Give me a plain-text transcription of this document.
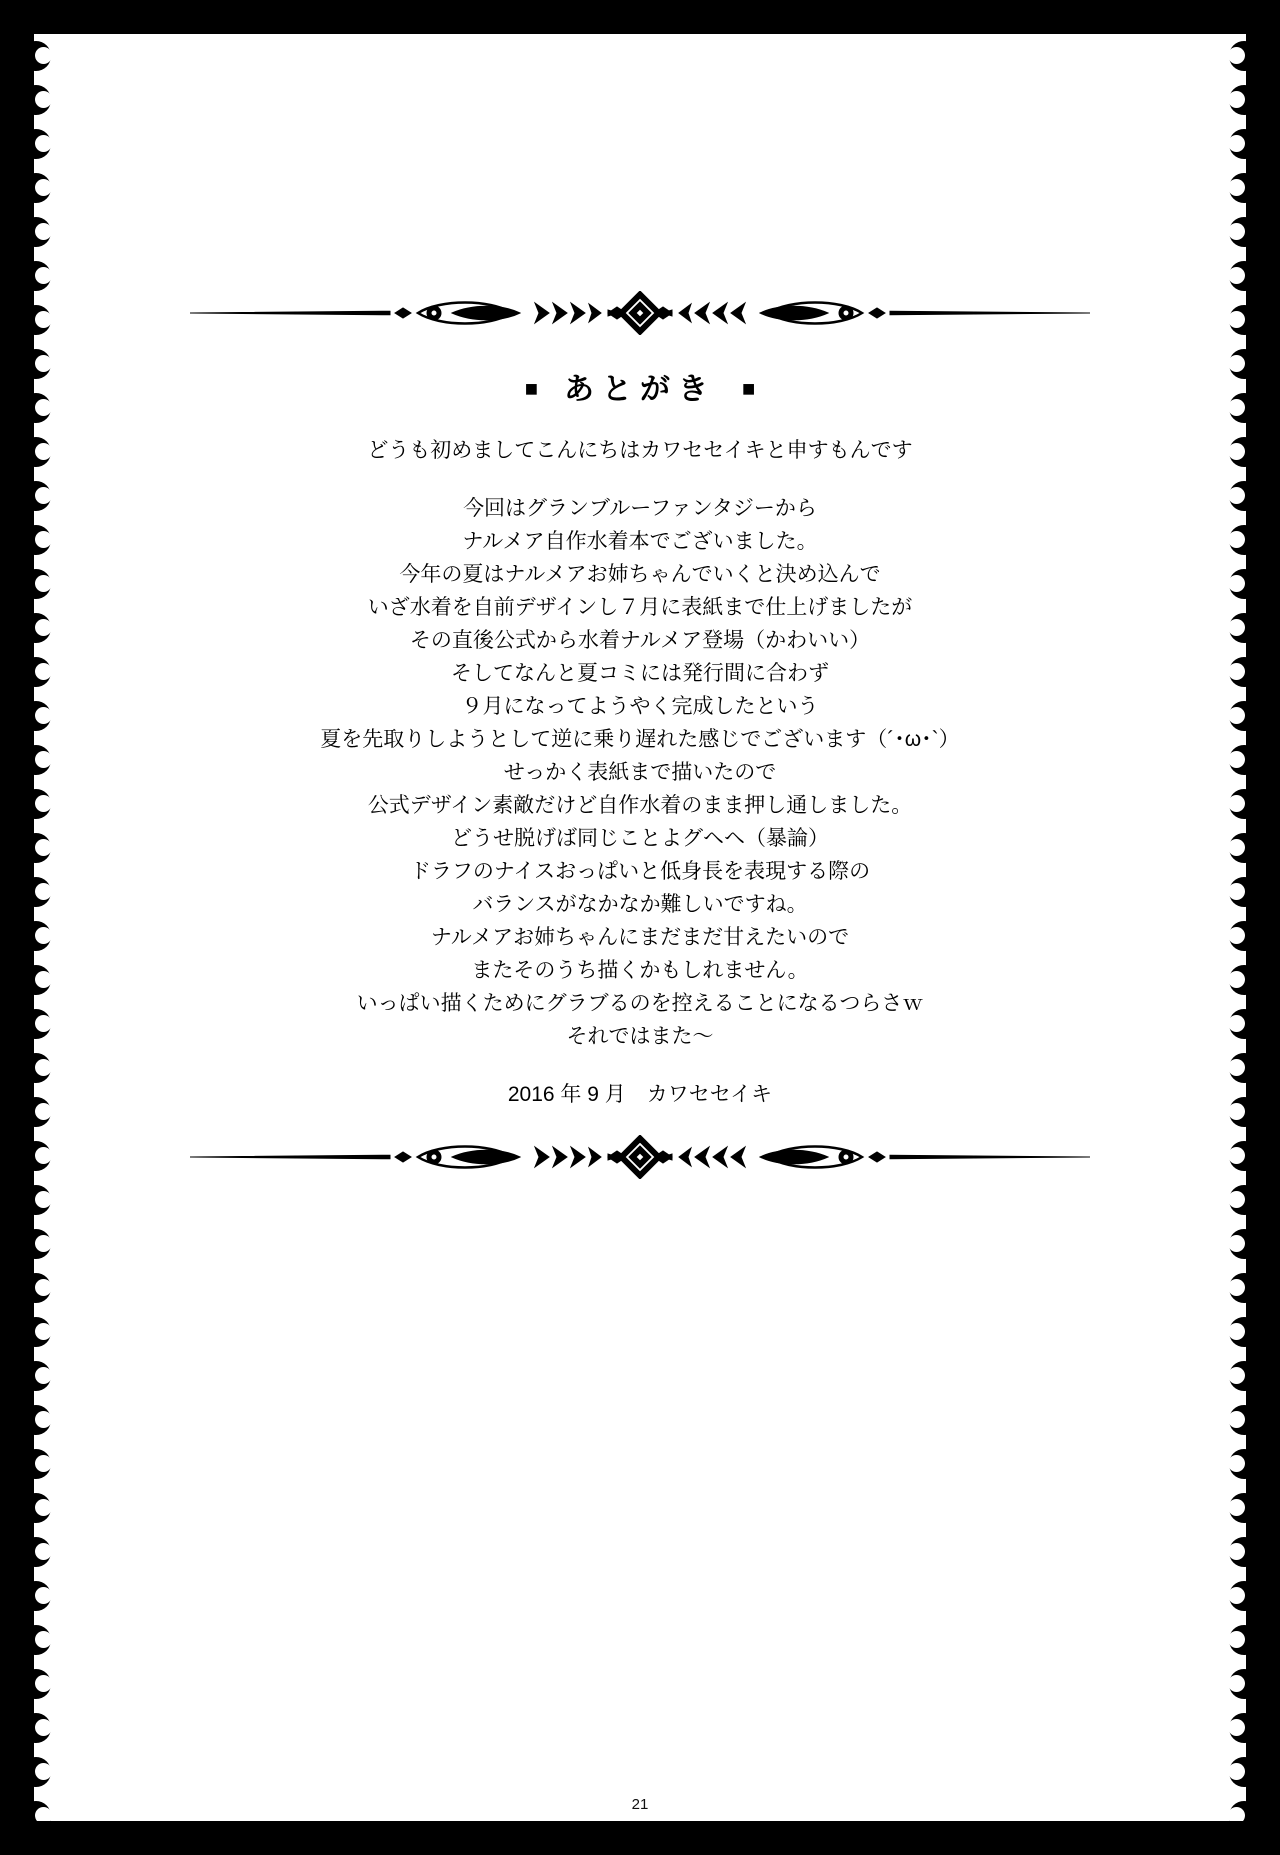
■ あとがき ■
どうも初めましてこんにちはカワセセイキと申すもんです
今回はグランブルーファンタジーから
ナルメア自作水着本でございました。
今年の夏はナルメアお姉ちゃんでいくと決め込んで
いざ水着を自前デザインし７月に表紙まで仕上げましたが
その直後公式から水着ナルメア登場（かわいい）
そしてなんと夏コミには発行間に合わず
９月になってようやく完成したという
夏を先取りしようとして逆に乗り遅れた感じでございます（´･ω･`）
せっかく表紙まで描いたので
公式デザイン素敵だけど自作水着のまま押し通しました。
どうせ脱げば同じことよグヘヘ（暴論）
ドラフのナイスおっぱいと低身長を表現する際の
バランスがなかなか難しいですね。
ナルメアお姉ちゃんにまだまだ甘えたいので
またそのうち描くかもしれません。
いっぱい描くためにグラブるのを控えることになるつらさｗ
それではまた～
2016 年 9 月　カワセセイキ
21
